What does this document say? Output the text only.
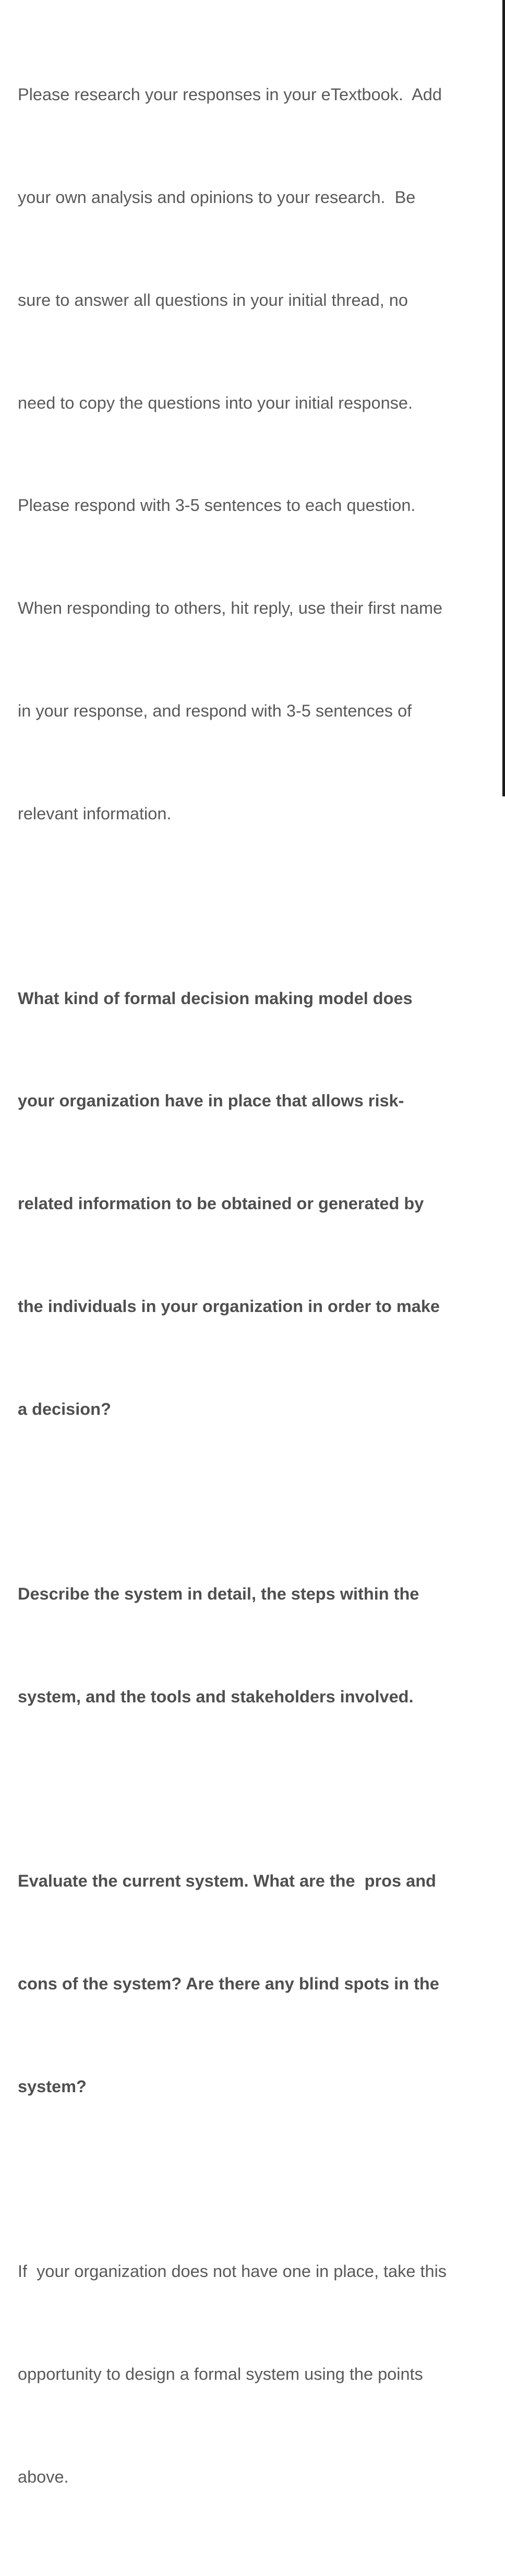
Please research your responses in your eTextbook.  Add

your own analysis and opinions to your research.  Be

sure to answer all questions in your initial thread, no

need to copy the questions into your initial response.

Please respond with 3-5 sentences to each question.

When responding to others, hit reply, use their first name

in your response, and respond with 3-5 sentences of

relevant information.

What kind of formal decision making model does

your organization have in place that allows risk-

related information to be obtained or generated by

the individuals in your organization in order to make

a decision?

Describe the system in detail, the steps within the

system, and the tools and stakeholders involved.

Evaluate the current system. What are the  pros and

cons of the system? Are there any blind spots in the

system?

If  your organization does not have one in place, take this

opportunity to design a formal system using the points

above.
